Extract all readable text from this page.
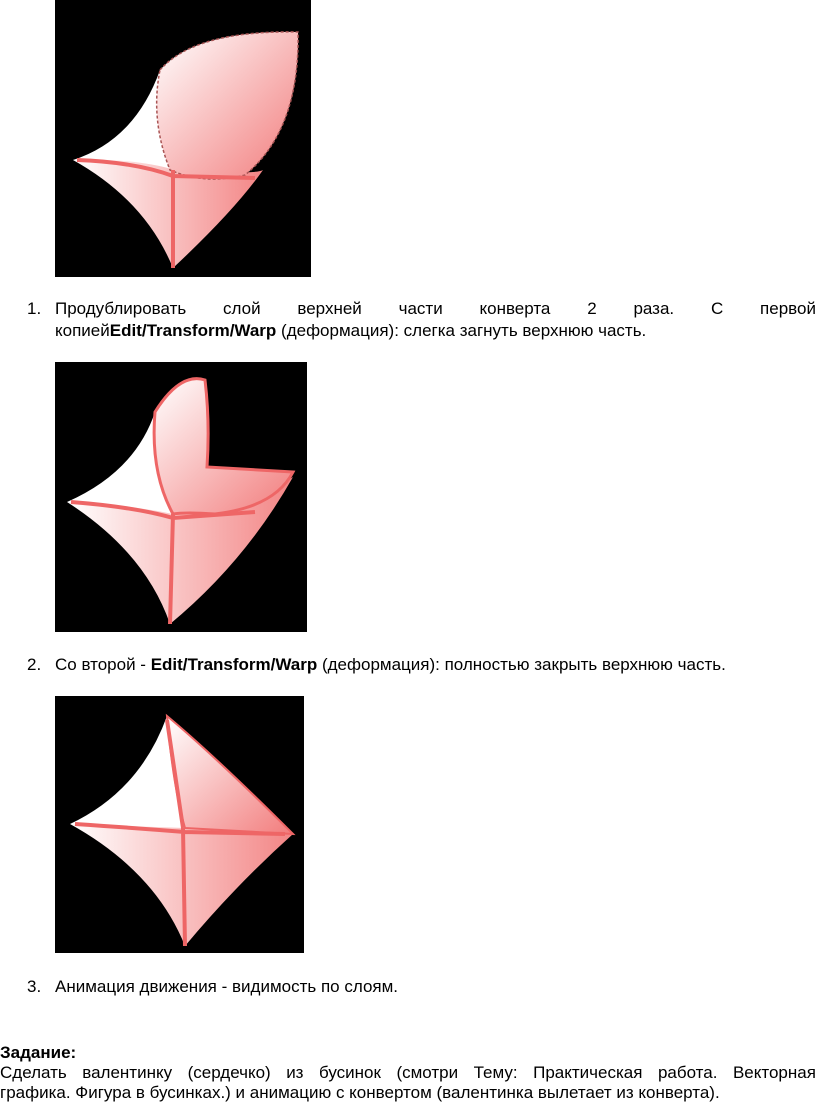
1. Продублировать слой верхней части конверта 2 раза. С первой
копиейEdit/Transform/Warp (деформация): слегка загнуть верхнюю часть.
2. Со второй - Edit/Transform/Warp (деформация): полностью закрыть верхнюю часть.
3. Анимация движения - видимость по слоям.
Задание:
Сделать валентинку (сердечко) из бусинок (смотри Тему: Практическая работа. Векторная
графика. Фигура в бусинках.) и анимацию с конвертом (валентинка вылетает из конверта).
